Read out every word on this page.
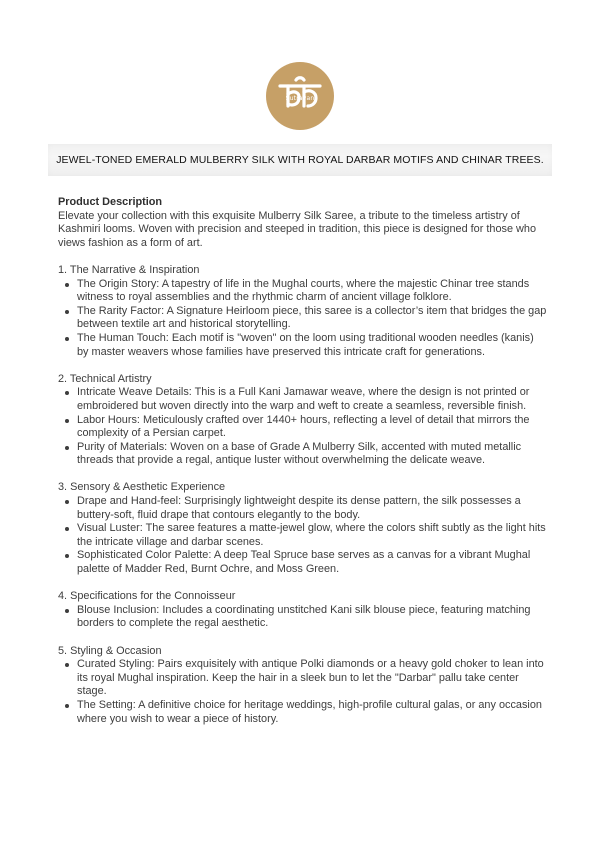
Sutrayan
JEWEL-TONED EMERALD MULBERRY SILK WITH ROYAL DARBAR MOTIFS AND CHINAR TREES.
Product Description

Elevate your collection with this exquisite Mulberry Silk Saree, a tribute to the timeless artistry of Kashmiri looms. Woven with precision and steeped in tradition, this piece is designed for those who views fashion as a form of art.

1. The Narrative & Inspiration

The Origin Story: A tapestry of life in the Mughal courts, where the majestic Chinar tree stands witness to royal assemblies and the rhythmic charm of ancient village folklore.
The Rarity Factor: A Signature Heirloom piece, this saree is a collector’s item that bridges the gap between textile art and historical storytelling.
The Human Touch: Each motif is "woven" on the loom using traditional wooden needles (kanis) by master weavers whose families have preserved this intricate craft for generations.

2. Technical Artistry

Intricate Weave Details: This is a Full Kani Jamawar weave, where the design is not printed or embroidered but woven directly into the warp and weft to create a seamless, reversible finish.
Labor Hours: Meticulously crafted over 1440+ hours, reflecting a level of detail that mirrors the complexity of a Persian carpet.
Purity of Materials: Woven on a base of Grade A Mulberry Silk, accented with muted metallic threads that provide a regal, antique luster without overwhelming the delicate weave.

3. Sensory & Aesthetic Experience

Drape and Hand-feel: Surprisingly lightweight despite its dense pattern, the silk possesses a buttery-soft, fluid drape that contours elegantly to the body.
Visual Luster: The saree features a matte-jewel glow, where the colors shift subtly as the light hits the intricate village and darbar scenes.
Sophisticated Color Palette: A deep Teal Spruce base serves as a canvas for a vibrant Mughal palette of Madder Red, Burnt Ochre, and Moss Green.

4. Specifications for the Connoisseur

Blouse Inclusion: Includes a coordinating unstitched Kani silk blouse piece, featuring matching borders to complete the regal aesthetic.

5. Styling & Occasion

Curated Styling: Pairs exquisitely with antique Polki diamonds or a heavy gold choker to lean into its royal Mughal inspiration. Keep the hair in a sleek bun to let the "Darbar" pallu take center stage.
The Setting: A definitive choice for heritage weddings, high-profile cultural galas, or any occasion where you wish to wear a piece of history.
